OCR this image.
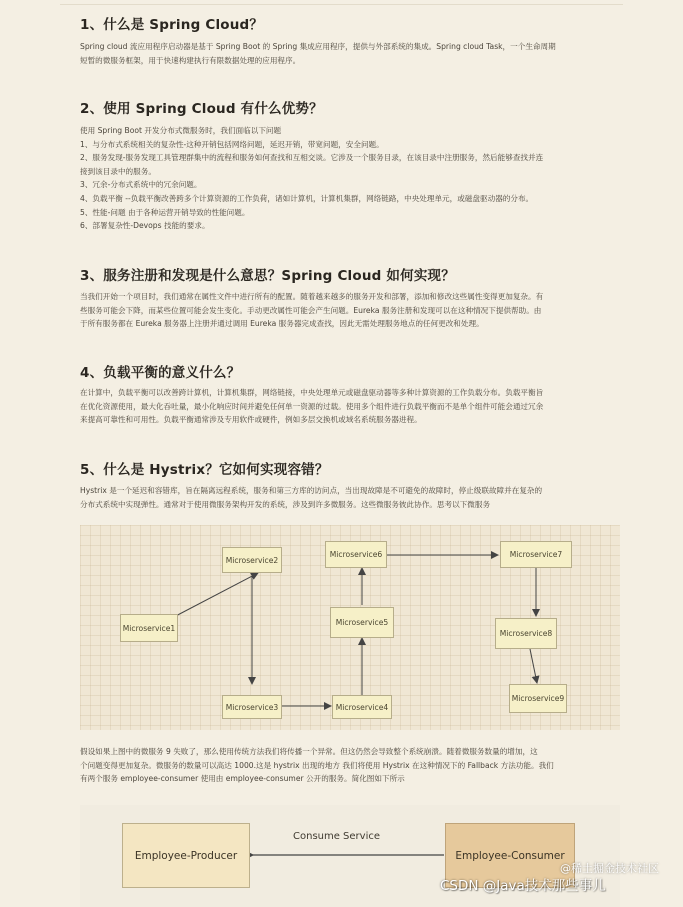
1、什么是 Spring Cloud？
Spring cloud 流应用程序启动器是基于 Spring Boot 的 Spring 集成应用程序，提供与外部系统的集成。Spring cloud Task，一个生命周期
短暂的微服务框架，用于快速构建执行有限数据处理的应用程序。
2、使用 Spring Cloud 有什么优势？
使用 Spring Boot 开发分布式微服务时，我们面临以下问题
1、与分布式系统相关的复杂性-这种开销包括网络问题，延迟开销，带宽问题，安全问题。
2、服务发现-服务发现工具管理群集中的流程和服务如何查找和互相交谈。它涉及一个服务目录，在该目录中注册服务，然后能够查找并连
接到该目录中的服务。
3、冗余-分布式系统中的冗余问题。
4、负载平衡 --负载平衡改善跨多个计算资源的工作负荷，诸如计算机，计算机集群，网络链路，中央处理单元，或磁盘驱动器的分布。
5、性能-问题 由于各种运营开销导致的性能问题。
6、部署复杂性-Devops 技能的要求。
3、服务注册和发现是什么意思？Spring Cloud 如何实现？
当我们开始一个项目时，我们通常在属性文件中进行所有的配置。随着越来越多的服务开发和部署，添加和修改这些属性变得更加复杂。有
些服务可能会下降，而某些位置可能会发生变化。手动更改属性可能会产生问题。Eureka 服务注册和发现可以在这种情况下提供帮助。由
于所有服务都在 Eureka 服务器上注册并通过调用 Eureka 服务器完成查找，因此无需处理服务地点的任何更改和处理。
4、负载平衡的意义什么？
在计算中，负载平衡可以改善跨计算机，计算机集群，网络链接，中央处理单元或磁盘驱动器等多种计算资源的工作负载分布。负载平衡旨
在优化资源使用，最大化吞吐量，最小化响应时间并避免任何单一资源的过载。使用多个组件进行负载平衡而不是单个组件可能会通过冗余
来提高可靠性和可用性。负载平衡通常涉及专用软件或硬件，例如多层交换机或域名系统服务器进程。
5、什么是 Hystrix？它如何实现容错？
Hystrix 是一个延迟和容错库，旨在隔离远程系统，服务和第三方库的访问点，当出现故障是不可避免的故障时，停止级联故障并在复杂的
分布式系统中实现弹性。通常对于使用微服务架构开发的系统，涉及到许多微服务。这些微服务彼此协作。思考以下微服务
Microservice1
Microservice2
Microservice3	Microservice4
Microservice5
Microservice6	Microservice7
Microservice8
Microservice9
假设如果上图中的微服务 9 失败了，那么使用传统方法我们将传播一个异常。但这仍然会导致整个系统崩溃。随着微服务数量的增加，这
个问题变得更加复杂。微服务的数量可以高达 1000.这是 hystrix 出现的地方 我们将使用 Hystrix 在这种情况下的 Fallback 方法功能。我们
有两个服务 employee-consumer 使用由 employee-consumer 公开的服务。简化图如下所示
Employee-Producer
Consume Service
Employee-Consumer
@稀土掘金技术社区
CSDN @Java技术那些事儿
